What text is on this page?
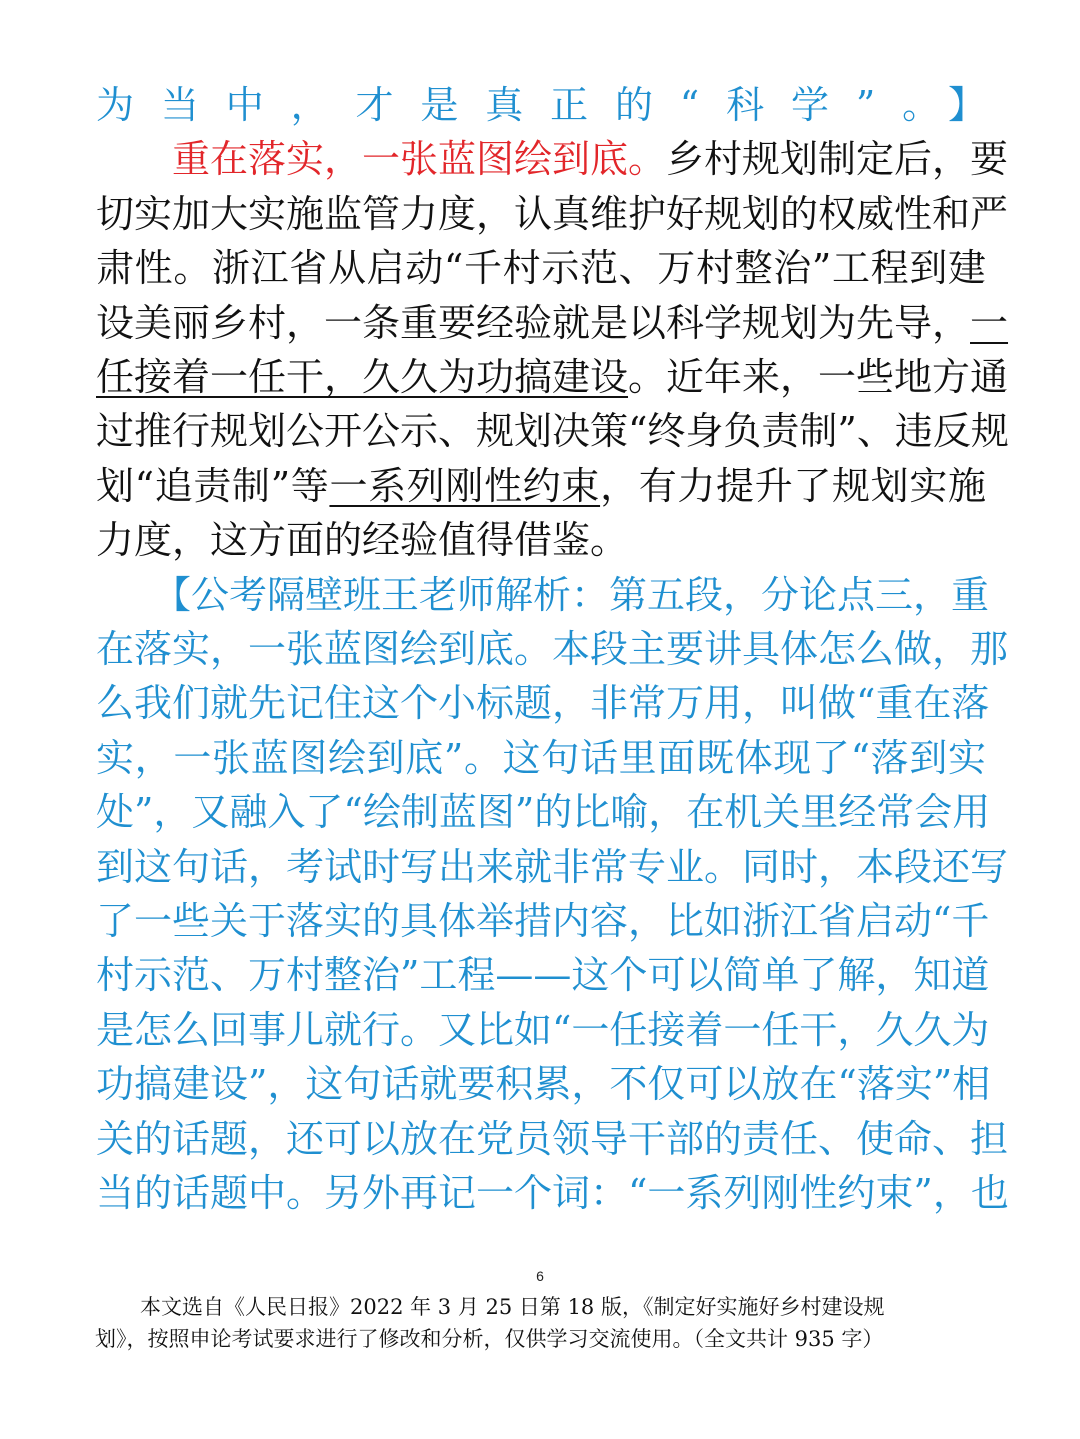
为当中，才是真正的“科学”。】
　　重在落实，一张蓝图绘到底。乡村规划制定后，要
切实加大实施监管力度，认真维护好规划的权威性和严
肃性。浙江省从启动“千村示范、万村整治”工程到建
设美丽乡村，一条重要经验就是以科学规划为先导，一
任接着一任干，久久为功搞建设。近年来，一些地方通
过推行规划公开公示、规划决策“终身负责制”、违反规
划“追责制”等一系列刚性约束，有力提升了规划实施
力度，这方面的经验值得借鉴。
　　【公考隔壁班王老师解析：第五段，分论点三，重
在落实，一张蓝图绘到底。本段主要讲具体怎么做，那
么我们就先记住这个小标题，非常万用，叫做“重在落
实，一张蓝图绘到底”。这句话里面既体现了“落到实
处”，又融入了“绘制蓝图”的比喻，在机关里经常会用
到这句话，考试时写出来就非常专业。同时，本段还写
了一些关于落实的具体举措内容，比如浙江省启动“千
村示范、万村整治”工程——这个可以简单了解，知道
是怎么回事儿就行。又比如“一任接着一任干，久久为
功搞建设”，这句话就要积累，不仅可以放在“落实”相
关的话题，还可以放在党员领导干部的责任、使命、担
当的话题中。另外再记一个词：“一系列刚性约束”，也
6
本文选自《人民日报》2022 年 3 月 25 日第 18 版，《制定好实施好乡村建设规
划》，按照申论考试要求进行了修改和分析，仅供学习交流使用。（全文共计 935 字）
